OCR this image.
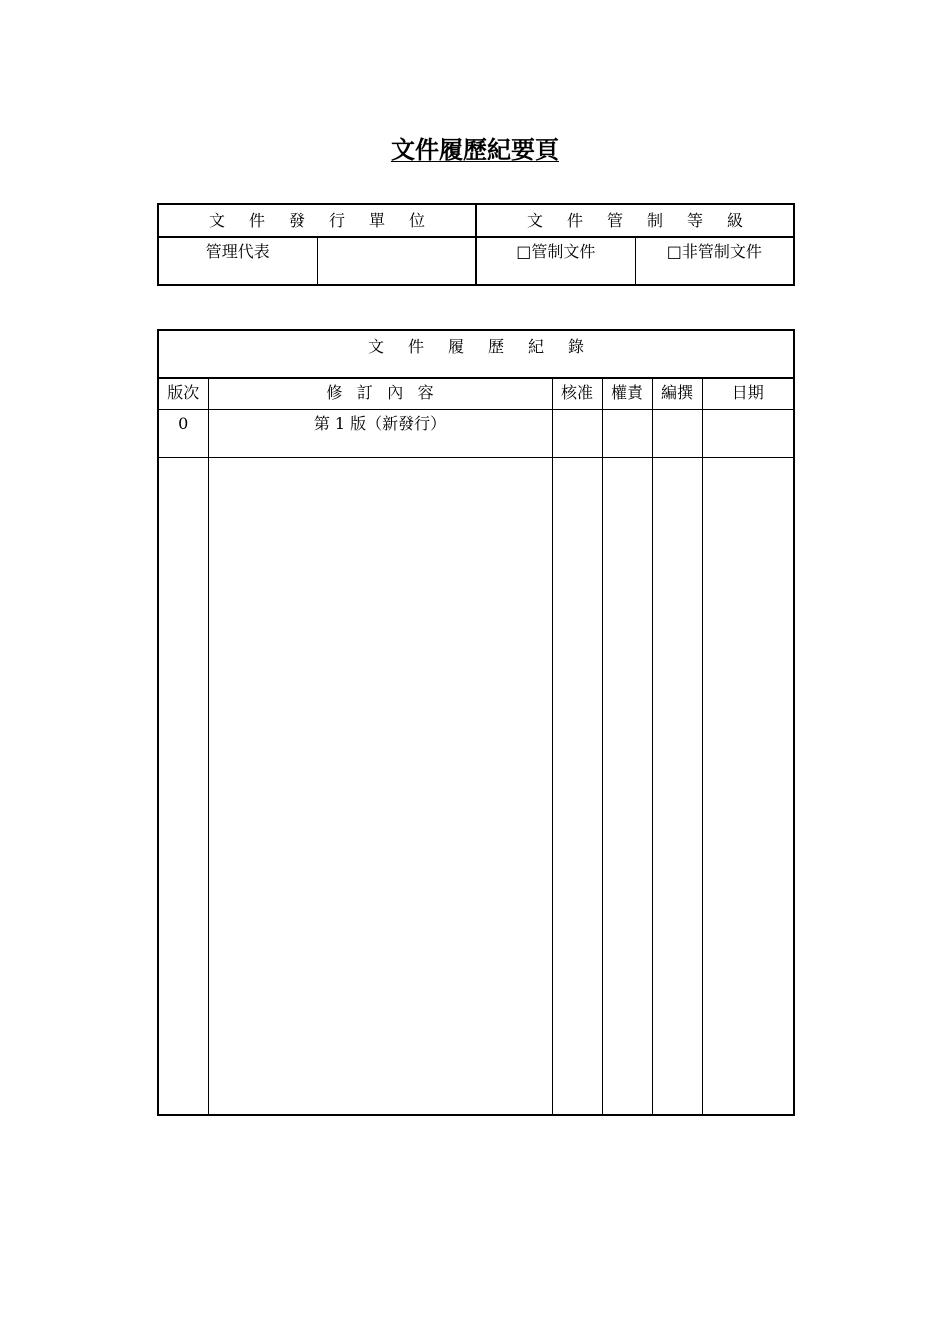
文件履歷紀要頁
文件發行單位		文件管制等級	
管理代表		□管制文件	□非管制文件
文件履歷紀錄					
版次	修訂內容	核准	權責	編撰	日期
0	第 1 版（新發行）				
